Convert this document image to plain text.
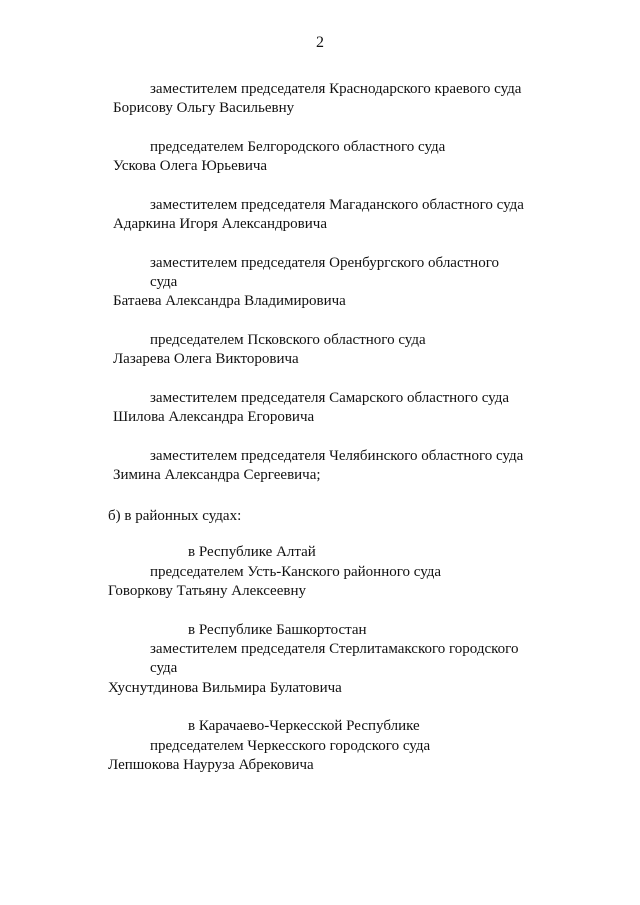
2
заместителем председателя Краснодарского краевого суда
Борисову Ольгу Васильевну
председателем Белгородского областного суда
Ускова Олега Юрьевича
заместителем председателя Магаданского областного суда
Адаркина Игоря Александровича
заместителем председателя Оренбургского областного
суда
Батаева Александра Владимировича
председателем Псковского областного суда
Лазарева Олега Викторовича
заместителем председателя Самарского областного суда
Шилова Александра Егоровича
заместителем председателя Челябинского областного суда
Зимина Александра Сергеевича;
б) в районных судах:
в Республике Алтай
председателем Усть-Канского районного суда
Говоркову Татьяну Алексеевну
в Республике Башкортостан
заместителем председателя Стерлитамакского городского
суда
Хуснутдинова Вильмира Булатовича
в Карачаево-Черкесской Республике
председателем Черкесского городского суда
Лепшокова Науруза Абрековича
